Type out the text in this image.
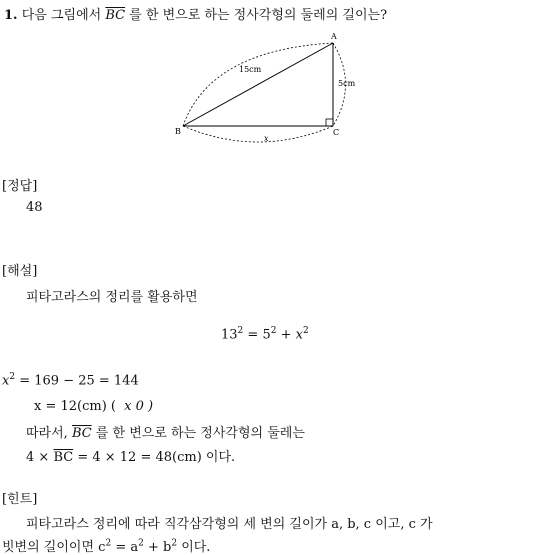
1. 다음 그림에서 $\overline{BC}$ 를 한 변으로 하는 정사각형의 둘레의 길이는?
A
B	C
15cm
5cm
x
[정답]
48
[해설]
피타고라스의 정리를 활용하면
$13^2 = 5^2 + x^2$
$x^2 = 169 - 25 = 144$
x = 12(cm) ( x 0 )
따라서, $\overline{BC}$ 를 한 변으로 하는 정사각형의 둘레는
$4 \times \overline{BC} = 4 \times 12 = 48(cm)$ 이다.
[힌트]
피타고라스 정리에 따라 직각삼각형의 세 변의 길이가 a, b, c 이고, c 가
빗변의 길이이면 $c^2 = a^2 + b^2$ 이다.
